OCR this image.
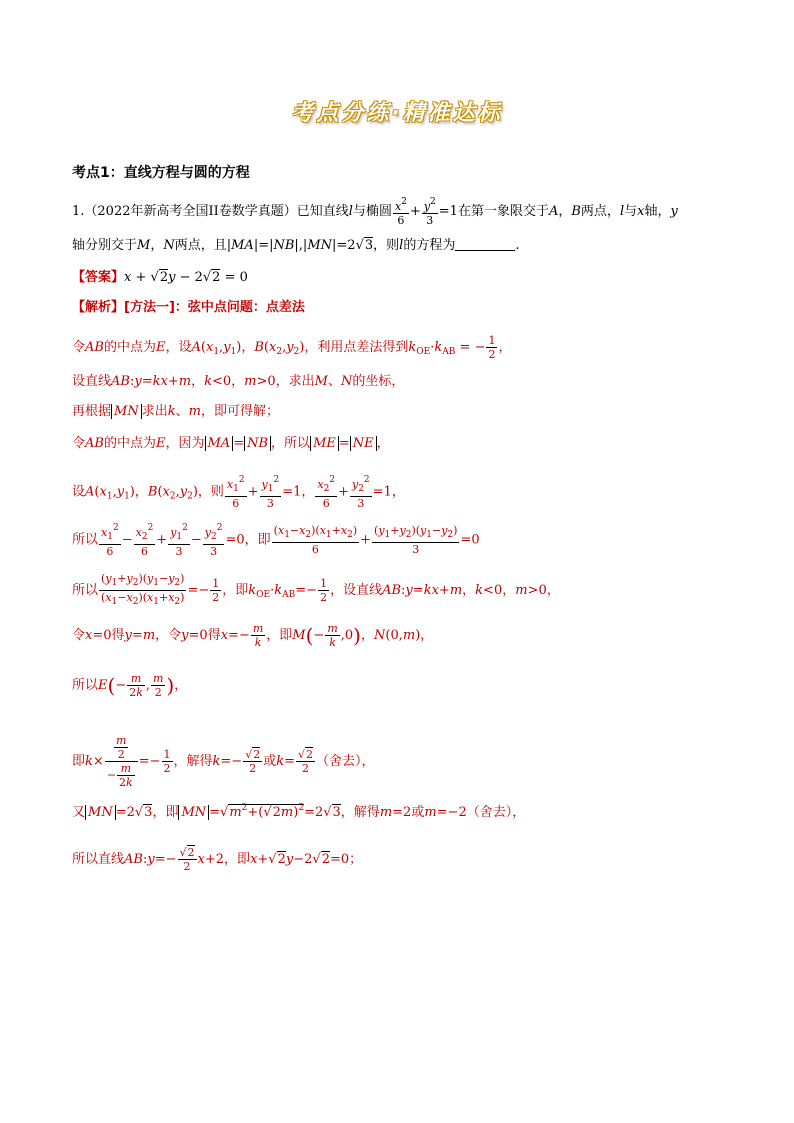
考点分练·精准达标
考点1：直线方程与圆的方程
1.（2022年新高考全国II卷数学真题）已知直线l与椭圆 $\frac{x^2}{6} + \frac{y^2}{3} =1$在第一象限交于A，B两点，l与x轴，y
轴分别交于M，N两点，且|MA|=|NB|,|MN|=2√3，则l的方程为	.
【答案】x + √2y − 2√2 = 0
【解析】[方法一]：弦中点问题：点差法
令AB的中点为E，设$A(x_1,y_1)$，$B(x_2,y_2)$，利用点差法得到$k_{OE}\cdot k_{AB}$ = − $\frac{1}{2}$ ，
设直线AB:y=kx+m，k<0，m>0，求出M、N的坐标，
再根据 MN 求出k、m，即可得解；
令AB的中点为E，因为 MA = NB ，所以 ME = NE ，
设$A(x_1,y_1)$，$B(x_2,y_2)$，则 $\frac{x_1^2}{6} + \frac{y_1^2}{3} =1$， $\frac{x_2^2}{6} + \frac{y_2^2}{3} =1$，
所以 $\frac{x_1^2}{6} - \frac{x_2^2}{6} + \frac{y_1^2}{3} - \frac{y_2^2}{3} =0$，即 $\frac{(x_1-x_2)(x_1+x_2)}{6} + \frac{(y_1+y_2)(y_1-y_2)}{3} =0$
所以 $\frac{(y_1+y_2)(y_1-y_2)}{(x_1-x_2)(x_1+x_2)} =- \frac{1}{2}$ ，即$k_{OE}\cdot k_{AB}=- \frac{1}{2}$ ，设直线AB:y=kx+m，k<0，m>0，
令x=0得y=m，令y=0得$x=- \frac{m}{k}$ ，即$M(- \frac{m}{k} ,0)$，N(0,m)，
所以$E(- \frac{m}{2k}$ , $\frac{m}{2}$ )，
即$k\times \frac{\frac{m}{2}}{- \frac{m}{2k}} =- \frac{1}{2}$ ，解得$k=- \frac{√2}{2}$ 或$k= \frac{√2}{2}$ （舍去），
又 MN =2√3，即 MN $=√m^2+(√2m)^2=2√3$，解得m=2或m=−2（舍去），
所以直线AB:y=− $\frac{√2}{2} x+2$，即x+√2y−2√2=0；
